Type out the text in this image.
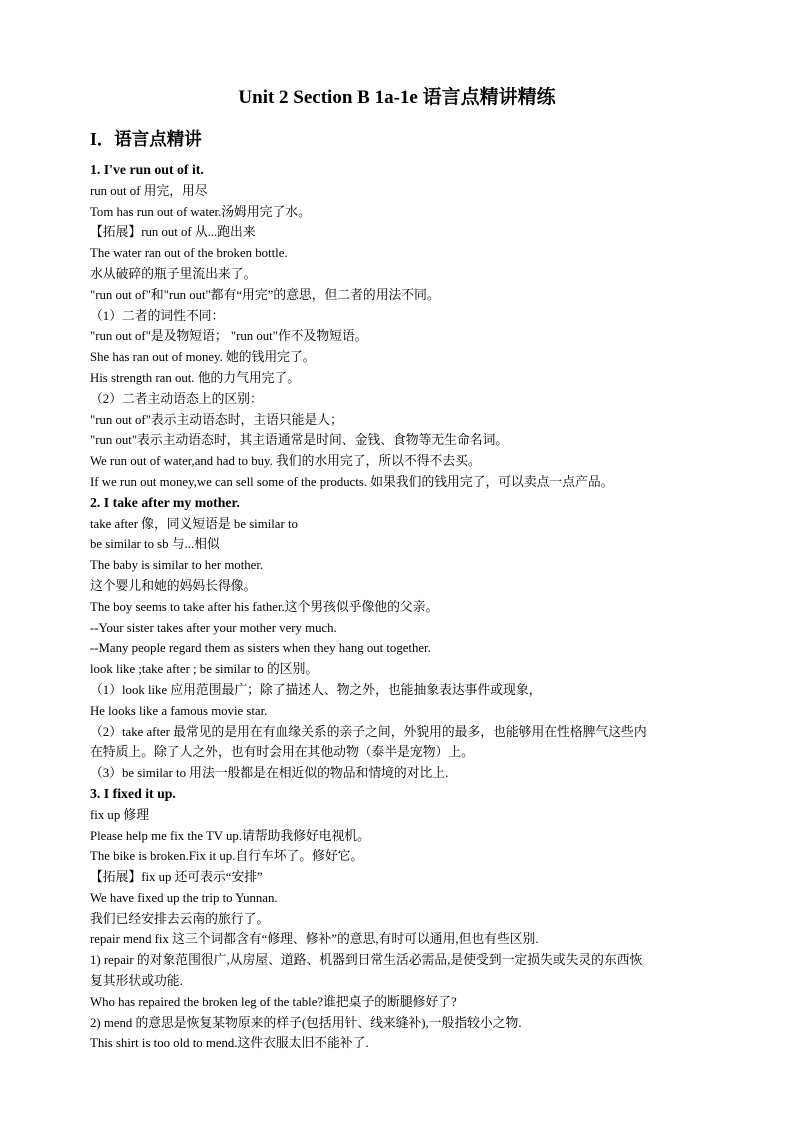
Unit 2 Section B 1a-1e 语言点精讲精练
I．语言点精讲
1. I've run out of it.
run out of 用完，用尽
Tom has run out of water.汤姆用完了水。
【拓展】run out of 从...跑出来
The water ran out of the broken bottle.
水从破碎的瓶子里流出来了。
"run out of"和"run out"都有“用完”的意思，但二者的用法不同。
（1）二者的词性不同：
"run out of"是及物短语； "run out"作不及物短语。
She has ran out of money. 她的钱用完了。
His strength ran out. 他的力气用完了。
（2）二者主动语态上的区别：
"run out of"表示主动语态时，主语只能是人；
"run out"表示主动语态时，其主语通常是时间、金钱、食物等无生命名词。
We run out of water,and had to buy. 我们的水用完了，所以不得不去买。
If we run out money,we can sell some of the products. 如果我们的钱用完了，可以卖点一点产品。
2. I take after my mother.
take after 像，同义短语是 be similar to
be similar to sb 与...相似
The baby is similar to her mother.
这个婴儿和她的妈妈长得像。
The boy seems to take after his father.这个男孩似乎像他的父亲。
--Your sister takes after your mother very much.
--Many people regard them as sisters when they hang out together.
look like ;take after ; be similar to 的区别。
（1）look like 应用范围最广；除了描述人、物之外，也能抽象表达事件或现象，
He looks like a famous movie star.
（2）take after 最常见的是用在有血缘关系的亲子之间，外貌用的最多，也能够用在性格脾气这些内
在特质上。除了人之外，也有时会用在其他动物（泰半是宠物）上。
（3）be similar to 用法一般都是在相近似的物品和情境的对比上.
3. I fixed it up.
fix up 修理
Please help me fix the TV up.请帮助我修好电视机。
The bike is broken.Fix it up.自行车坏了。修好它。
【拓展】fix up 还可表示“安排”
We have fixed up the trip to Yunnan.
我们已经安排去云南的旅行了。
repair mend fix 这三个词都含有“修理、修补”的意思,有时可以通用,但也有些区别.
1) repair 的对象范围很广,从房屋、道路、机器到日常生活必需品,是使受到一定损失或失灵的东西恢
复其形状或功能.
Who has repaired the broken leg of the table?谁把桌子的断腿修好了?
2) mend 的意思是恢复某物原来的样子(包括用针、线来缝补),一般指较小之物.
This shirt is too old to mend.这件衣服太旧不能补了.
